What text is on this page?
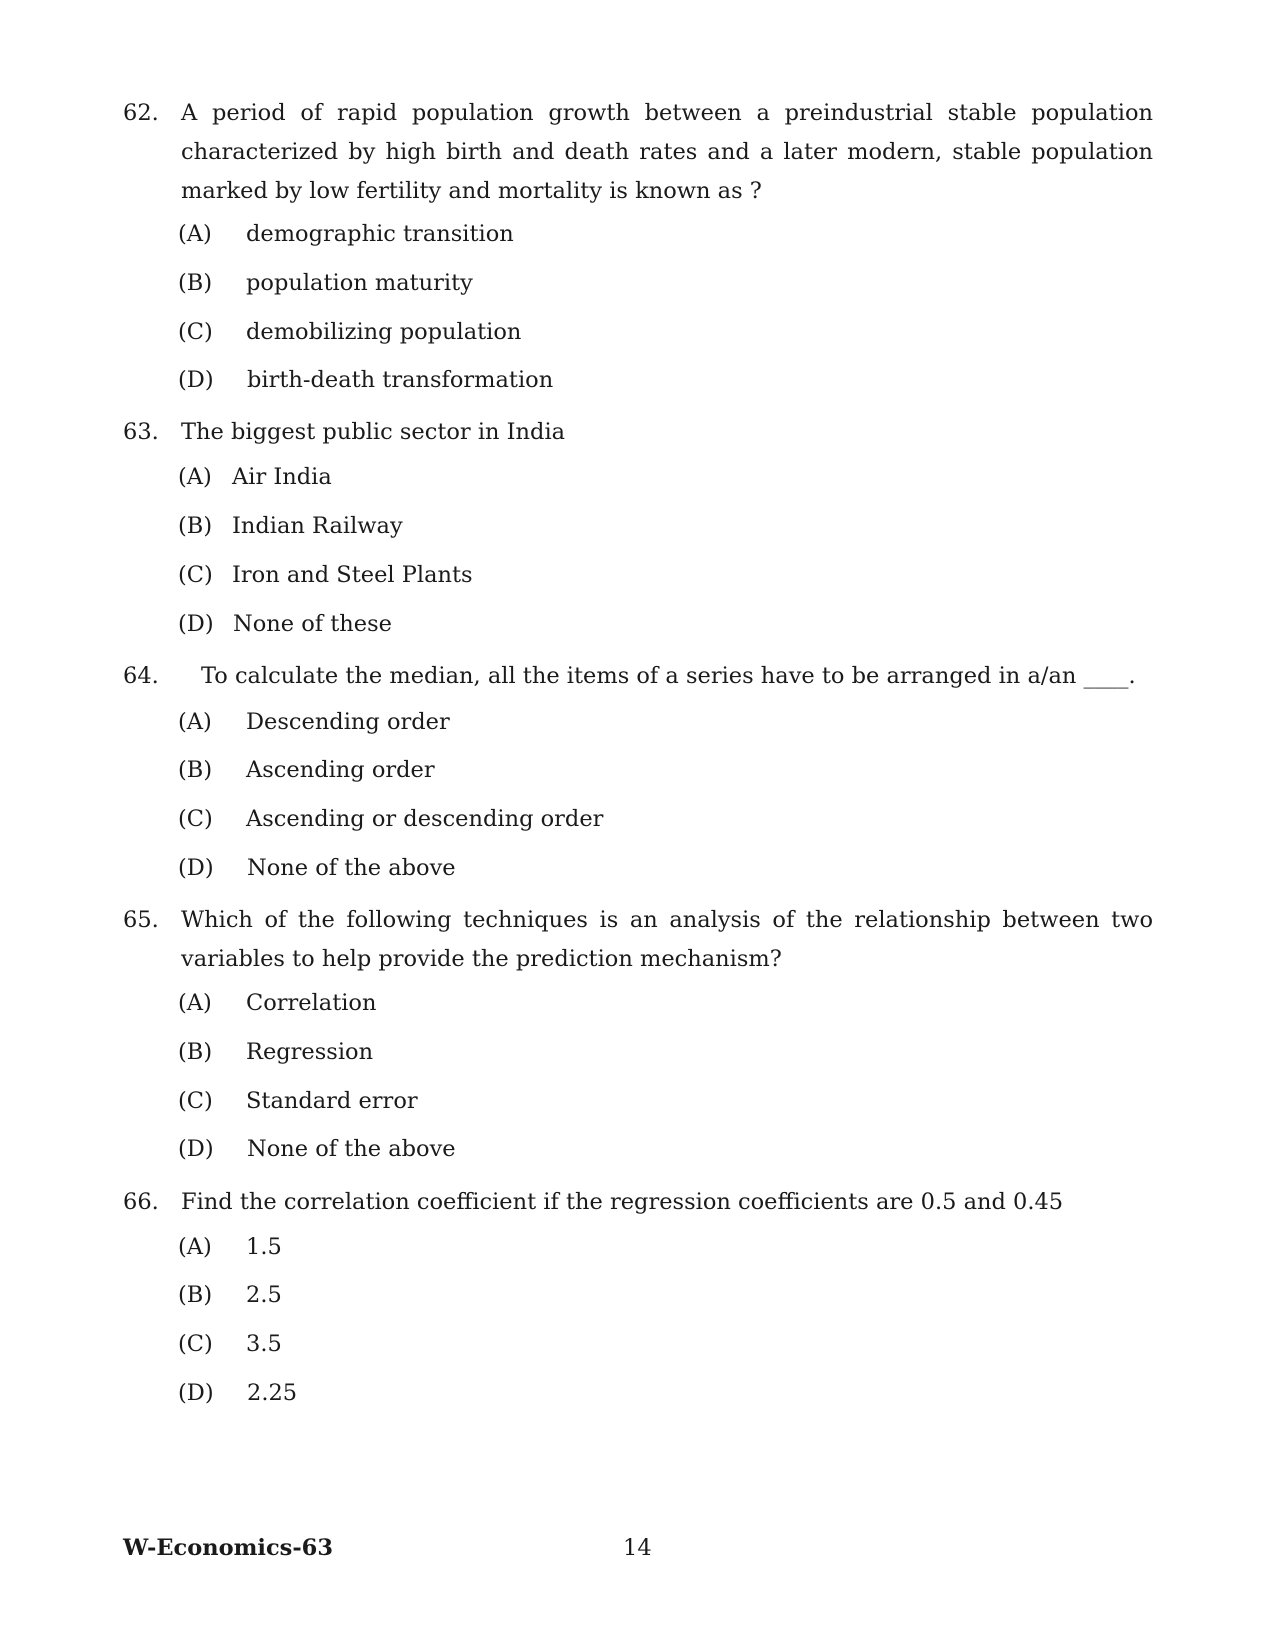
62. A period of rapid population growth between a preindustrial stable population characterized by high birth and death rates and a later modern, stable population marked by low fertility and mortality is known as ?
(A) demographic transition
(B) population maturity
(C) demobilizing population
(D) birth-death transformation
63. The biggest public sector in India
(A) Air India
(B) Indian Railway
(C) Iron and Steel Plants
(D) None of these
64. To calculate the median, all the items of a series have to be arranged in a/an ____.
(A) Descending order
(B) Ascending order
(C) Ascending or descending order
(D) None of the above
65. Which of the following techniques is an analysis of the relationship between two variables to help provide the prediction mechanism?
(A) Correlation
(B) Regression
(C) Standard error
(D) None of the above
66. Find the correlation coefficient if the regression coefficients are 0.5 and 0.45
(A) 1.5
(B) 2.5
(C) 3.5
(D) 2.25
W-Economics-63	14
